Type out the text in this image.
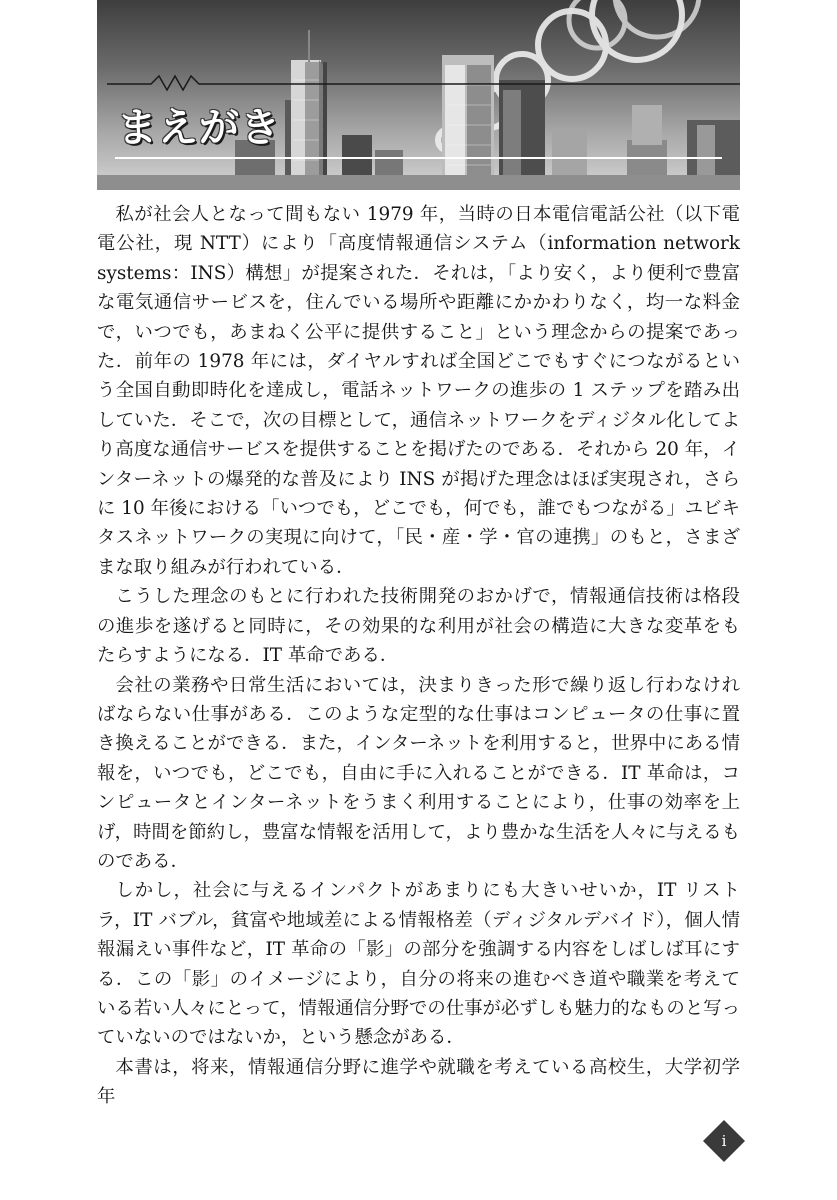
まえがき

私が社会人となって間もない 1979 年，当時の日本電信電話公社（以下電電公社，現 NTT）により「高度情報通信システム（information network systems：INS）構想」が提案された．それは，「より安く，より便利で豊富な電気通信サービスを，住んでいる場所や距離にかかわりなく，均一な料金で，いつでも，あまねく公平に提供すること」という理念からの提案であった．前年の 1978 年には，ダイヤルすれば全国どこでもすぐにつながるという全国自動即時化を達成し，電話ネットワークの進歩の 1 ステップを踏み出していた．そこで，次の目標として，通信ネットワークをディジタル化してより高度な通信サービスを提供することを掲げたのである．それから 20 年，インターネットの爆発的な普及により INS が掲げた理念はほぼ実現され，さらに 10 年後における「いつでも，どこでも，何でも，誰でもつながる」ユビキタスネットワークの実現に向けて，「民・産・学・官の連携」のもと，さまざまな取り組みが行われている．

こうした理念のもとに行われた技術開発のおかげで，情報通信技術は格段の進歩を遂げると同時に，その効果的な利用が社会の構造に大きな変革をもたらすようになる．IT 革命である．

会社の業務や日常生活においては，決まりきった形で繰り返し行わなければならない仕事がある．このような定型的な仕事はコンピュータの仕事に置き換えることができる．また，インターネットを利用すると，世界中にある情報を，いつでも，どこでも，自由に手に入れることができる．IT 革命は，コンピュータとインターネットをうまく利用することにより，仕事の効率を上げ，時間を節約し，豊富な情報を活用して，より豊かな生活を人々に与えるものである．

しかし，社会に与えるインパクトがあまりにも大きいせいか，IT リストラ，IT バブル，貧富や地域差による情報格差（ディジタルデバイド），個人情報漏えい事件など，IT 革命の「影」の部分を強調する内容をしばしば耳にする．この「影」のイメージにより，自分の将来の進むべき道や職業を考えている若い人々にとって，情報通信分野での仕事が必ずしも魅力的なものと写っていないのではないか，という懸念がある．

本書は，将来，情報通信分野に進学や就職を考えている高校生，大学初学年

i
